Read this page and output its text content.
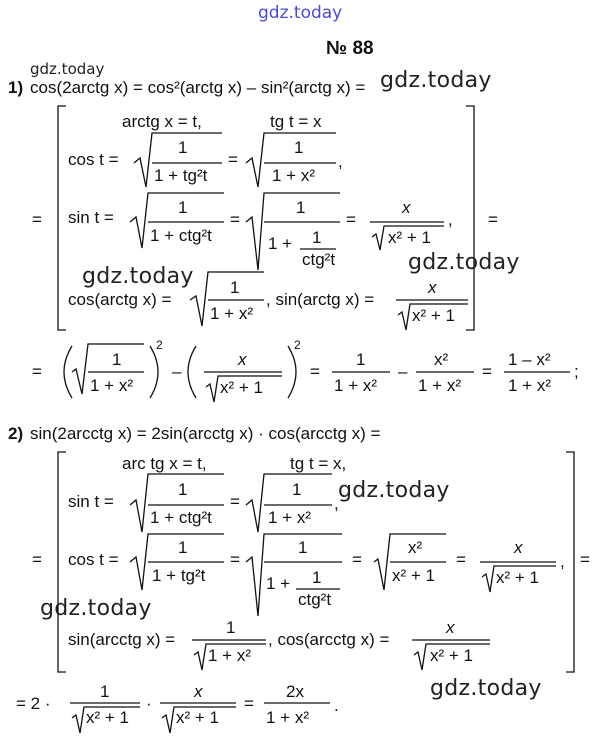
gdz.today
gdz.today	gdz.today
gdz.today
gdz.today
gdz.today
gdz.today
gdz.today
№ 88
1) cos(2arctg x) = cos²(arctg x) – sin²(arctg x) =
arctg x = t,	tg t = x
cos t =
1
1 + tg²t
=
1
1 + x²
,
= sin t =
1
1 + ctg²t
=
1
1 + 1
ctg²t
=
x
x² + 1
, =
cos(arctg x) =
1
1 + x²
, sin(arctg x) =
x
x² + 1
=
1
1 + x²
2
–
x
x² + 1
2
=
1
1 + x²
–
x²
1 + x²
=
1 – x²
1 + x²
;
2) sin(2arcctg x) = 2sin(arcctg x) · cos(arcctg x) =
arc tg x = t,	tg t = x,
sin t =
1
1 + ctg²t
=
1
1 + x²
,
= cos t =
1
1 + tg²t
=
1
1 + 1
ctg²t
=
x²
x² + 1
=
x
x² + 1
, =
sin(arcctg x) =
1
1 + x²
, cos(arcctg x) =
x
x² + 1
= 2 ·
1
x² + 1
·
x
x² + 1
=
2x
1 + x²
.
